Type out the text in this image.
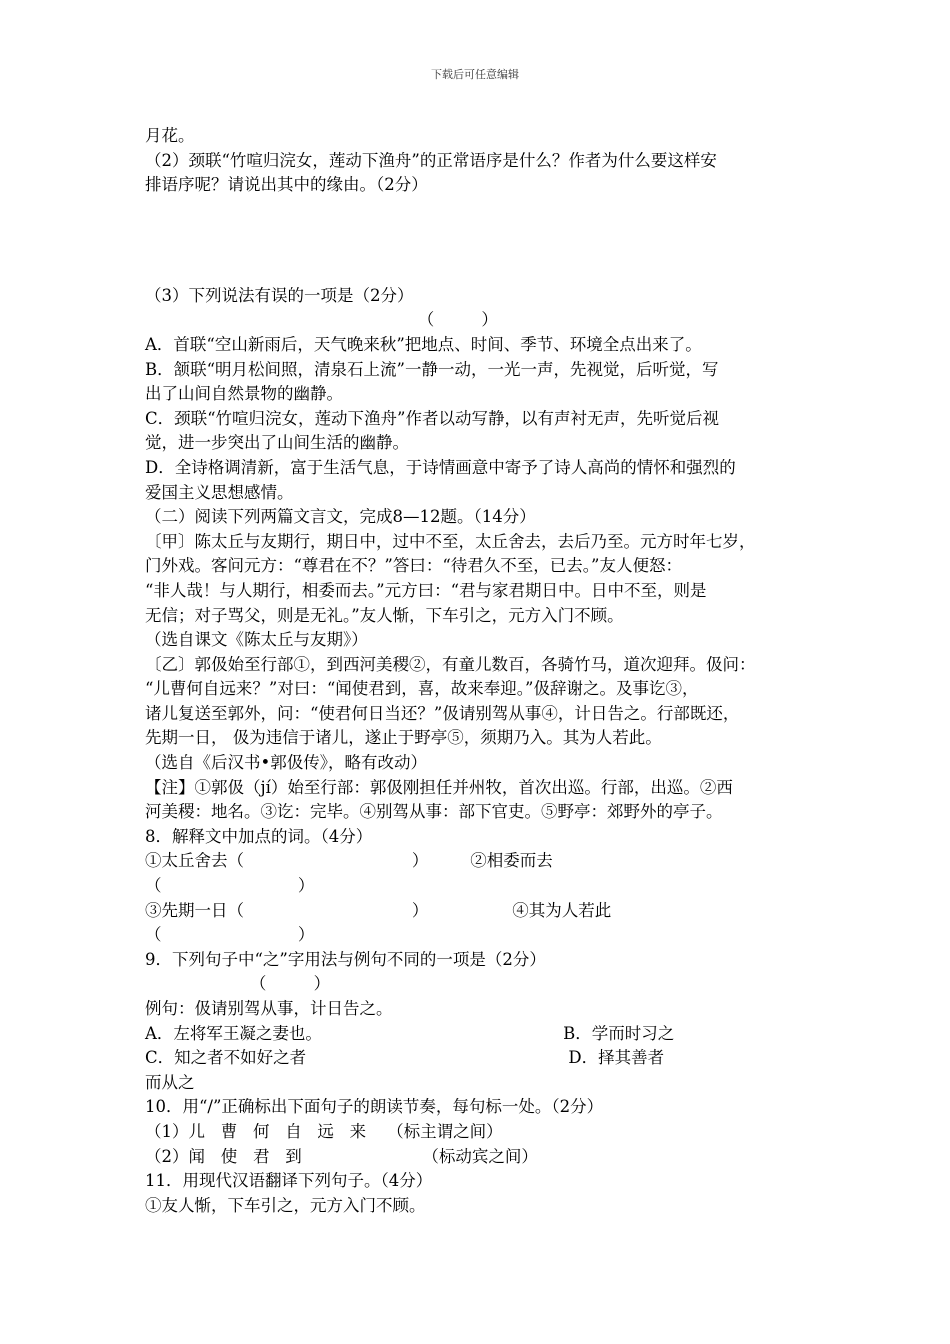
下载后可任意编辑
月花。
（2）颈联“竹喧归浣女，莲动下渔舟”的正常语序是什么？作者为什么要这样安
排语序呢？请说出其中的缘由。（2分）
（3）下列说法有误的一项是（2分）
（         ）
A．首联“空山新雨后，天气晚来秋”把地点、时间、季节、环境全点出来了。
B．颔联“明月松间照，清泉石上流”一静一动，一光一声，先视觉，后听觉，写
出了山间自然景物的幽静。
C．颈联“竹喧归浣女，莲动下渔舟”作者以动写静，以有声衬无声，先听觉后视
觉，进一步突出了山间生活的幽静。
D．全诗格调清新，富于生活气息，于诗情画意中寄予了诗人高尚的情怀和强烈的
爱国主义思想感情。
（二）阅读下列两篇文言文，完成8—12题。（14分）
〔甲〕陈太丘与友期行，期日中，过中不至，太丘舍去，去后乃至。元方时年七岁，
门外戏。客问元方：“尊君在不？”答曰：“待君久不至，已去。”友人便怒：
“非人哉！与人期行，相委而去。”元方曰：“君与家君期日中。日中不至，则是
无信；对子骂父，则是无礼。”友人惭，下车引之，元方入门不顾。
（选自课文《陈太丘与友期》）
〔乙〕郭伋始至行部①，到西河美稷②，有童儿数百，各骑竹马，道次迎拜。伋问：
“儿曹何自远来？”对曰：“闻使君到，喜，故来奉迎。”伋辞谢之。及事讫③，
诸儿复送至郭外，问：“使君何日当还？”伋请别驾从事④，计日告之。行部既还，
先期一日， 伋为违信于诸儿，遂止于野亭⑤，须期乃入。其为人若此。
（选自《后汉书•郭伋传》，略有改动）
【注】①郭伋（jí）始至行部：郭伋刚担任并州牧，首次出巡。行部，出巡。②西
河美稷：地名。③讫：完毕。④别驾从事：部下官吏。⑤野亭：郊野外的亭子。
8．解释文中加点的词。（4分）
①太丘舍去（                                ）        ②相委而去
（                          ）
③先期一日（                                ）                ④其为人若此
（                          ）
9．下列句子中“之”字用法与例句不同的一项是（2分）
（         ）
例句：伋请别驾从事，计日告之。
A．左将军王凝之妻也。                                              B．学而时习之
C．知之者不如好之者                                                  D．择其善者
而从之
10．用“/”正确标出下面句子的朗读节奏，每句标一处。（2分）
（1）儿   曹   何   自   远   来    （标主谓之间）
（2）闻   使   君   到                       （标动宾之间）
11．用现代汉语翻译下列句子。（4分）
①友人惭，下车引之，元方入门不顾。
